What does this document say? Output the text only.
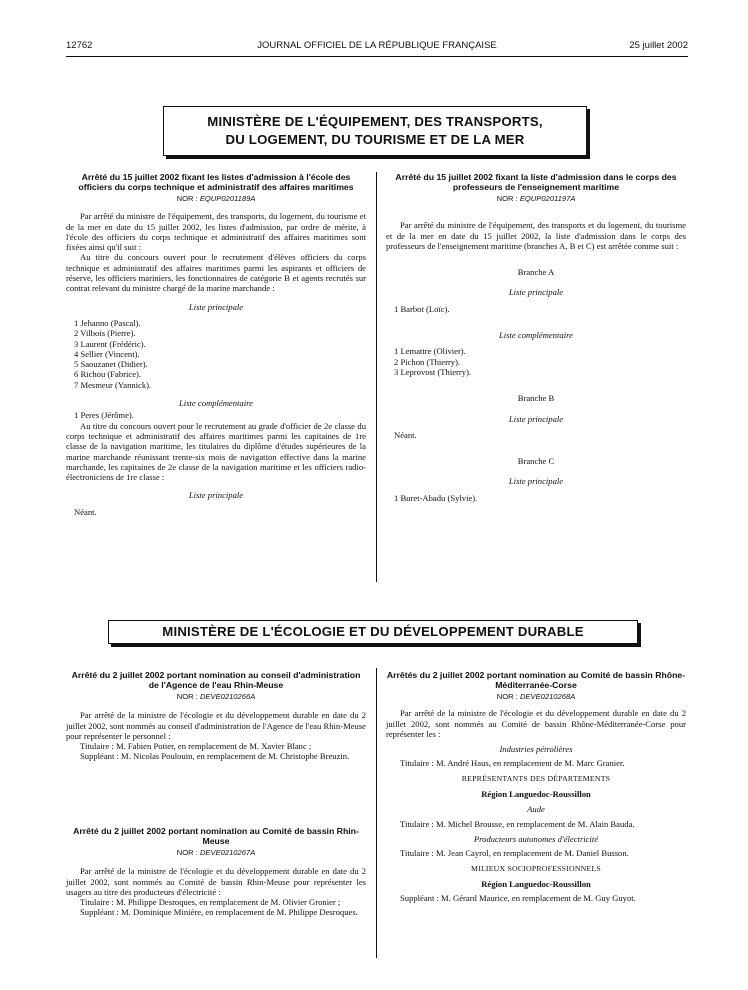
12762	JOURNAL OFFICIEL DE LA RÉPUBLIQUE FRANÇAISE	25 juillet 2002
MINISTÈRE DE L'ÉQUIPEMENT, DES TRANSPORTS,
DU LOGEMENT, DU TOURISME ET DE LA MER
Arrêté du 15 juillet 2002 fixant les listes d'admission à l'école des officiers du corps technique et administratif des affaires maritimes
NOR : EQUP0201189A

Par arrêté du ministre de l'équipement, des transports, du logement, du tourisme et de la mer en date du 15 juillet 2002, les listes d'admission, par ordre de mérite, à l'école des officiers du corps technique et administratif des affaires maritimes sont fixées ainsi qu'il suit :

Au titre du concours ouvert pour le recrutement d'élèves officiers du corps technique et administratif des affaires maritimes parmi les aspirants et officiers de réserve, les officiers mariniers, les fonctionnaires de catégorie B et agents recrutés sur contrat relevant du ministre chargé de la marine marchande :

Liste principale
1 Jehanno (Pascal).
2 Vilbois (Pierre).
3 Laurent (Frédéric).
4 Sellier (Vincent).
5 Saouzanet (Didier).
6 Richou (Fabrice).
7 Mesmeur (Yannick).
Liste complémentaire
1 Peres (Jérôme).

Au titre du concours ouvert pour le recrutement au grade d'officier de 2e classe du corps technique et administratif des affaires maritimes parmi les capitaines de 1re classe de la navigation maritime, les titulaires du diplôme d'études supérieures de la marine marchande réunissant trente-six mois de navigation effective dans la marine marchande, les capitaines de 2e classe de la navigation maritime et les officiers radio-électroniciens de 1re classe :

Liste principale
Néant.
Arrêté du 15 juillet 2002 fixant la liste d'admission dans le corps des professeurs de l'enseignement maritime
NOR : EQUP0201197A

Par arrêté du ministre de l'équipement, des transports et du logement, du tourisme et de la mer en date du 15 juillet 2002, la liste d'admission dans le corps des professeurs de l'enseignement maritime (branches A, B et C) est arrêtée comme suit :

Branche A
Liste principale
1 Barbot (Loïc).
Liste complémentaire
1 Lemattre (Olivier).
2 Pichon (Thierry).
3 Leprovost (Thierry).
Branche B
Liste principale
Néant.
Branche C
Liste principale
1 Buret-Abadu (Sylvie).
MINISTÈRE DE L'ÉCOLOGIE ET DU DÉVELOPPEMENT DURABLE
Arrêté du 2 juillet 2002 portant nomination au conseil d'administration de l'Agence de l'eau Rhin-Meuse
NOR : DEVE0210266A

Par arrêté de la ministre de l'écologie et du développement durable en date du 2 juillet 2002, sont nommés au conseil d'administration de l'Agence de l'eau Rhin-Meuse pour représenter le personnel :

Titulaire : M. Fabien Potier, en remplacement de M. Xavier Blanc ;

Suppléant : M. Nicolas Poulouin, en remplacement de M. Christophe Breuzin.

Arrêté du 2 juillet 2002 portant nomination au Comité de bassin Rhin-Meuse
NOR : DEVE0210267A

Par arrêté de la ministre de l'écologie et du développement durable en date du 2 juillet 2002, sont nommés au Comité de bassin Rhin-Meuse pour représenter les usagers au titre des producteurs d'électricité :

Titulaire : M. Philippe Desroques, en remplacement de M. Olivier Gronier ;

Suppléant : M. Dominique Minière, en remplacement de M. Philippe Desroques.

Arrêtés du 2 juillet 2002 portant nomination au Comité de bassin Rhône-Méditerranée-Corse
NOR : DEVE0210268A

Par arrêté de la ministre de l'écologie et du développement durable en date du 2 juillet 2002, sont nommés au Comité de bassin Rhône-Méditerranée-Corse pour représenter les :

Industries pétrolières

Titulaire : M. André Haus, en remplacement de M. Marc Granier.

REPRÉSENTANTS DES DÉPARTEMENTS
Région Languedoc-Roussillon
Aude

Titulaire : M. Michel Brousse, en remplacement de M. Alain Bauda.

Producteurs autonomes d'électricité

Titulaire : M. Jean Cayrol, en remplacement de M. Daniel Busson.

MILIEUX SOCIOPROFESSIONNELS
Région Languedoc-Roussillon

Suppléant : M. Gérard Maurice, en remplacement de M. Guy Guyot.
